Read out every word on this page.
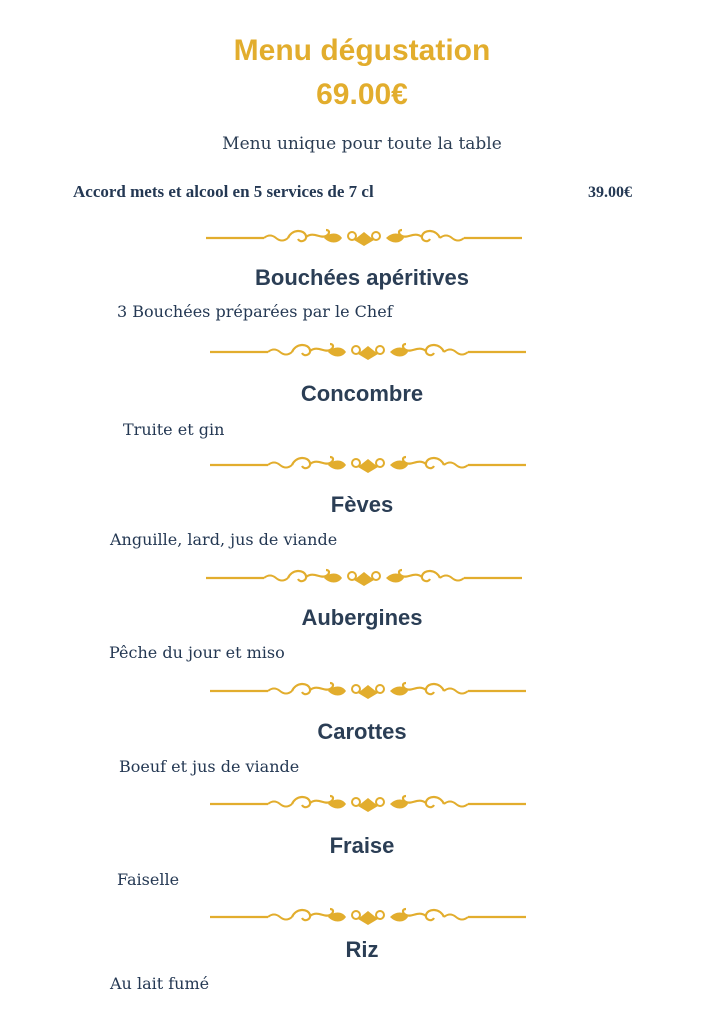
Menu dégustation
69.00€
Menu unique pour toute la table
Accord mets et alcool en 5 services de 7 cl	39.00€
Bouchées apéritives
3 Bouchées préparées par le Chef
Concombre
Truite et gin
Fèves
Anguille, lard, jus de viande
Aubergines
Pêche du jour et miso
Carottes
Boeuf et jus de viande
Fraise
Faiselle
Riz
Au lait fumé
